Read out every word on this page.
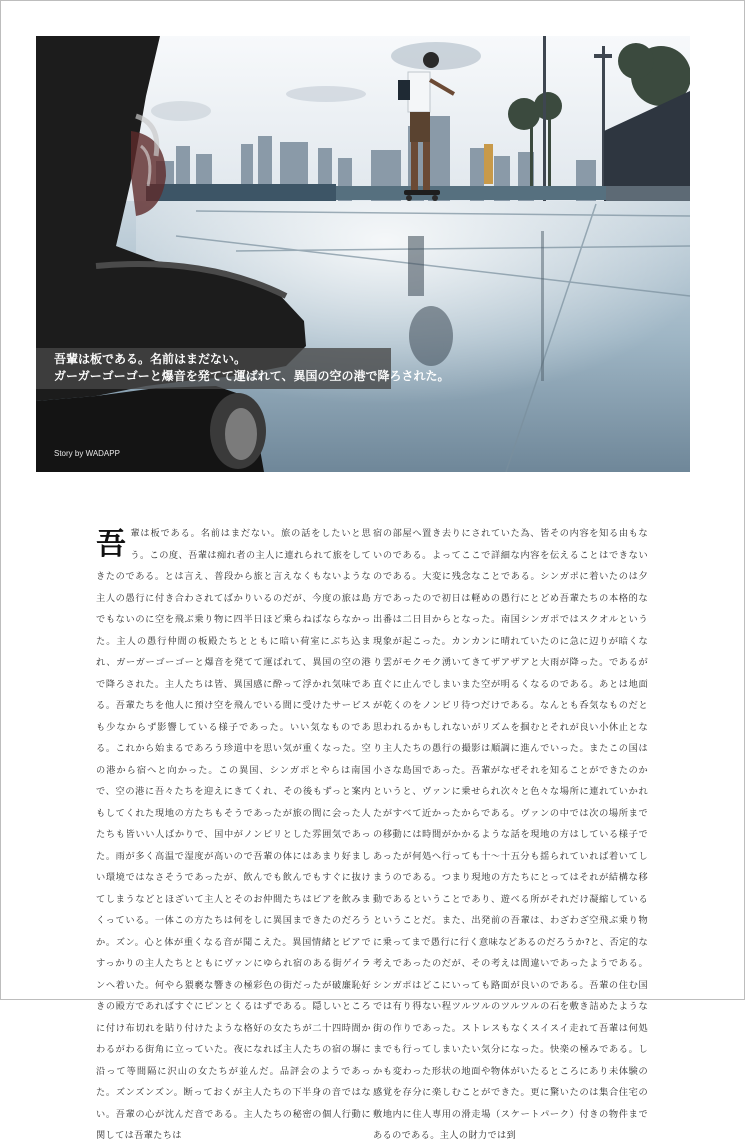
吾輩は板である。名前はまだない。
ガーガーゴーゴーと爆音を発てて運ばれて、異国の空の港で降ろされた。
Story by WADAPP
吾 輩は板である。名前はまだない。旅の話をしたいと思う。この度、吾輩は痴れ者の主人に連れられて旅をしてきたのである。とは言え、普段から旅と言えなくもないような主人の愚行に付き合わされてばかりいるのだが、今度の旅は島でもないのに空を飛ぶ乗り物に四半日ほど乗らねばならなかった。主人の愚行仲間の板殿たちとともに暗い荷室にぶち込まれ、ガーガーゴーゴーと爆音を発てて運ばれて、異国の空の港で降ろされた。主人たちは皆、異国感に酔って浮かれ気味である。吾輩たちを他人に預け空を飛んでいる間に受けたサービスも少なからず影響している様子であった。いい気なものである。これから始まるであろう珍道中を思い気が重くなった。空の港から宿へと向かった。この異国、シンガポとやらは南国で、空の港に吾々たちを迎えにきてくれ、その後もずっと案内もしてくれた現地の方たちもそうであったが旅の間に会った人たちも皆いい人ばかりで、国中がノンビリとした雰囲気であった。雨が多く高温で湿度が高いので吾輩の体にはあまり好ましい環境ではなさそうであったが、飲んでも飲んでもすぐに抜けてしまうなどとほざいて主人とそのお仲間たちはビアを飲みまくっている。一体この方たちは何をしに異国まできたのだろうか。ズン。心と体が重くなる音が聞こえた。異国情緒とビアですっかりの主人たちとともにヴァンにゆられ宿のある街ゲイランへ着いた。何やら猥褻な響きの極彩色の街だったが破廉恥好きの殿方であればすぐにピンとくるはずである。隠しいところに付け布切れを貼り付けたような格好の女たちが二十四時間かわるがわる街角に立っていた。夜になれば主人たちの宿の塀に沿って等間隔に沢山の女たちが並んだ。品評会のようであった。ズンズンズン。断っておくが主人たちの下半身の音ではない。吾輩の心が沈んだ音である。主人たちの秘密の個人行動に関しては吾輩たちは

宿の部屋へ置き去りにされていた為、皆その内容を知る由もないのである。よってここで詳細な内容を伝えることはできないのである。大変に残念なことである。シンガポに着いたのは夕方であったので初日は軽めの愚行にとどめ吾輩たちの本格的な出番は二日目からとなった。南国シンガポではスクオルという現象が起こった。カンカンに晴れていたのに急に辺りが暗くなり雲がモクモク湧いてきてザアザアと大雨が降った。であるが直ぐに止んでしまいまた空が明るくなるのである。あとは地面が乾くのをノンビリ待つだけである。なんとも呑気なものだと思われるかもしれないがリズムを掴むとそれが良い小休止となり主人たちの愚行の撮影は順調に進んでいった。またこの国は小さな島国であった。吾輩がなぜそれを知ることができたのかというと、ヴァンに乗せられ次々と色々な場所に連れていかれたがすべて近かったからである。ヴァンの中では次の場所までの移動には時間がかかるような話を現地の方はしている様子であったが何処へ行っても十〜十五分も揺られていれば着いてしまうのである。つまり現地の方たちにとってはそれが結構な移動であるということであり、遊べる所がそれだけ凝縮しているということだ。また、出発前の吾輩は、わざわざ空飛ぶ乗り物に乗ってまで愚行に行く意味などあるのだろうか?と、否定的な考えであったのだが、その考えは間違いであったようである。シンガポはどこにいっても路面が良いのである。吾輩の住む国では有り得ない程ツルツルのツルツルの石を敷き詰めたような街の作りであった。ストレスもなくスイスイ走れて吾輩は何処までも行ってしまいたい気分になった。快楽の極みである。しかも変わった形状の地面や物体がいたるところにあり未体験の感覚を存分に楽しむことができた。更に驚いたのは集合住宅の敷地内に住人専用の滑走場（スケートパーク）付きの物件まであるのである。主人の財力では到
